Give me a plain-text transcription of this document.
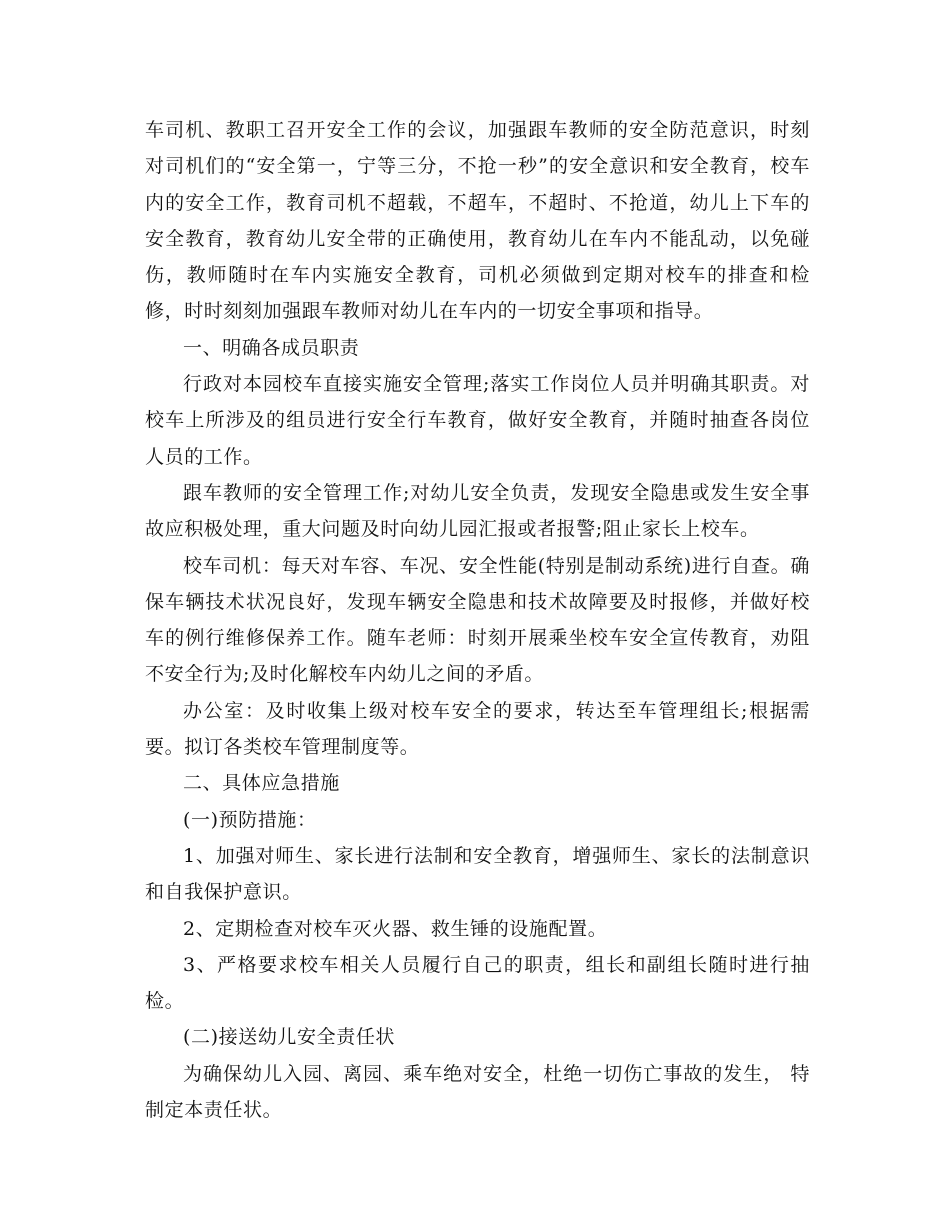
车司机、教职工召开安全工作的会议，加强跟车教师的安全防范意识，时刻对司机们的“安全第一，宁等三分，不抢一秒”的安全意识和安全教育，校车内的安全工作，教育司机不超载，不超车，不超时、不抢道，幼儿上下车的安全教育，教育幼儿安全带的正确使用，教育幼儿在车内不能乱动，以免碰伤，教师随时在车内实施安全教育，司机必须做到定期对校车的排查和检修，时时刻刻加强跟车教师对幼儿在车内的一切安全事项和指导。

一、明确各成员职责

行政对本园校车直接实施安全管理;落实工作岗位人员并明确其职责。对校车上所涉及的组员进行安全行车教育，做好安全教育，并随时抽查各岗位人员的工作。

跟车教师的安全管理工作;对幼儿安全负责，发现安全隐患或发生安全事故应积极处理，重大问题及时向幼儿园汇报或者报警;阻止家长上校车。

校车司机：每天对车容、车况、安全性能(特别是制动系统)进行自查。确保车辆技术状况良好，发现车辆安全隐患和技术故障要及时报修，并做好校车的例行维修保养工作。随车老师：时刻开展乘坐校车安全宣传教育，劝阻不安全行为;及时化解校车内幼儿之间的矛盾。

办公室：及时收集上级对校车安全的要求，转达至车管理组长;根据需要。拟订各类校车管理制度等。

二、具体应急措施

(一)预防措施：

1、加强对师生、家长进行法制和安全教育，增强师生、家长的法制意识和自我保护意识。

2、定期检查对校车灭火器、救生锤的设施配置。

3、严格要求校车相关人员履行自己的职责，组长和副组长随时进行抽检。

(二)接送幼儿安全责任状

为确保幼儿入园、离园、乘车绝对安全，杜绝一切伤亡事故的发生， 特制定本责任状。
